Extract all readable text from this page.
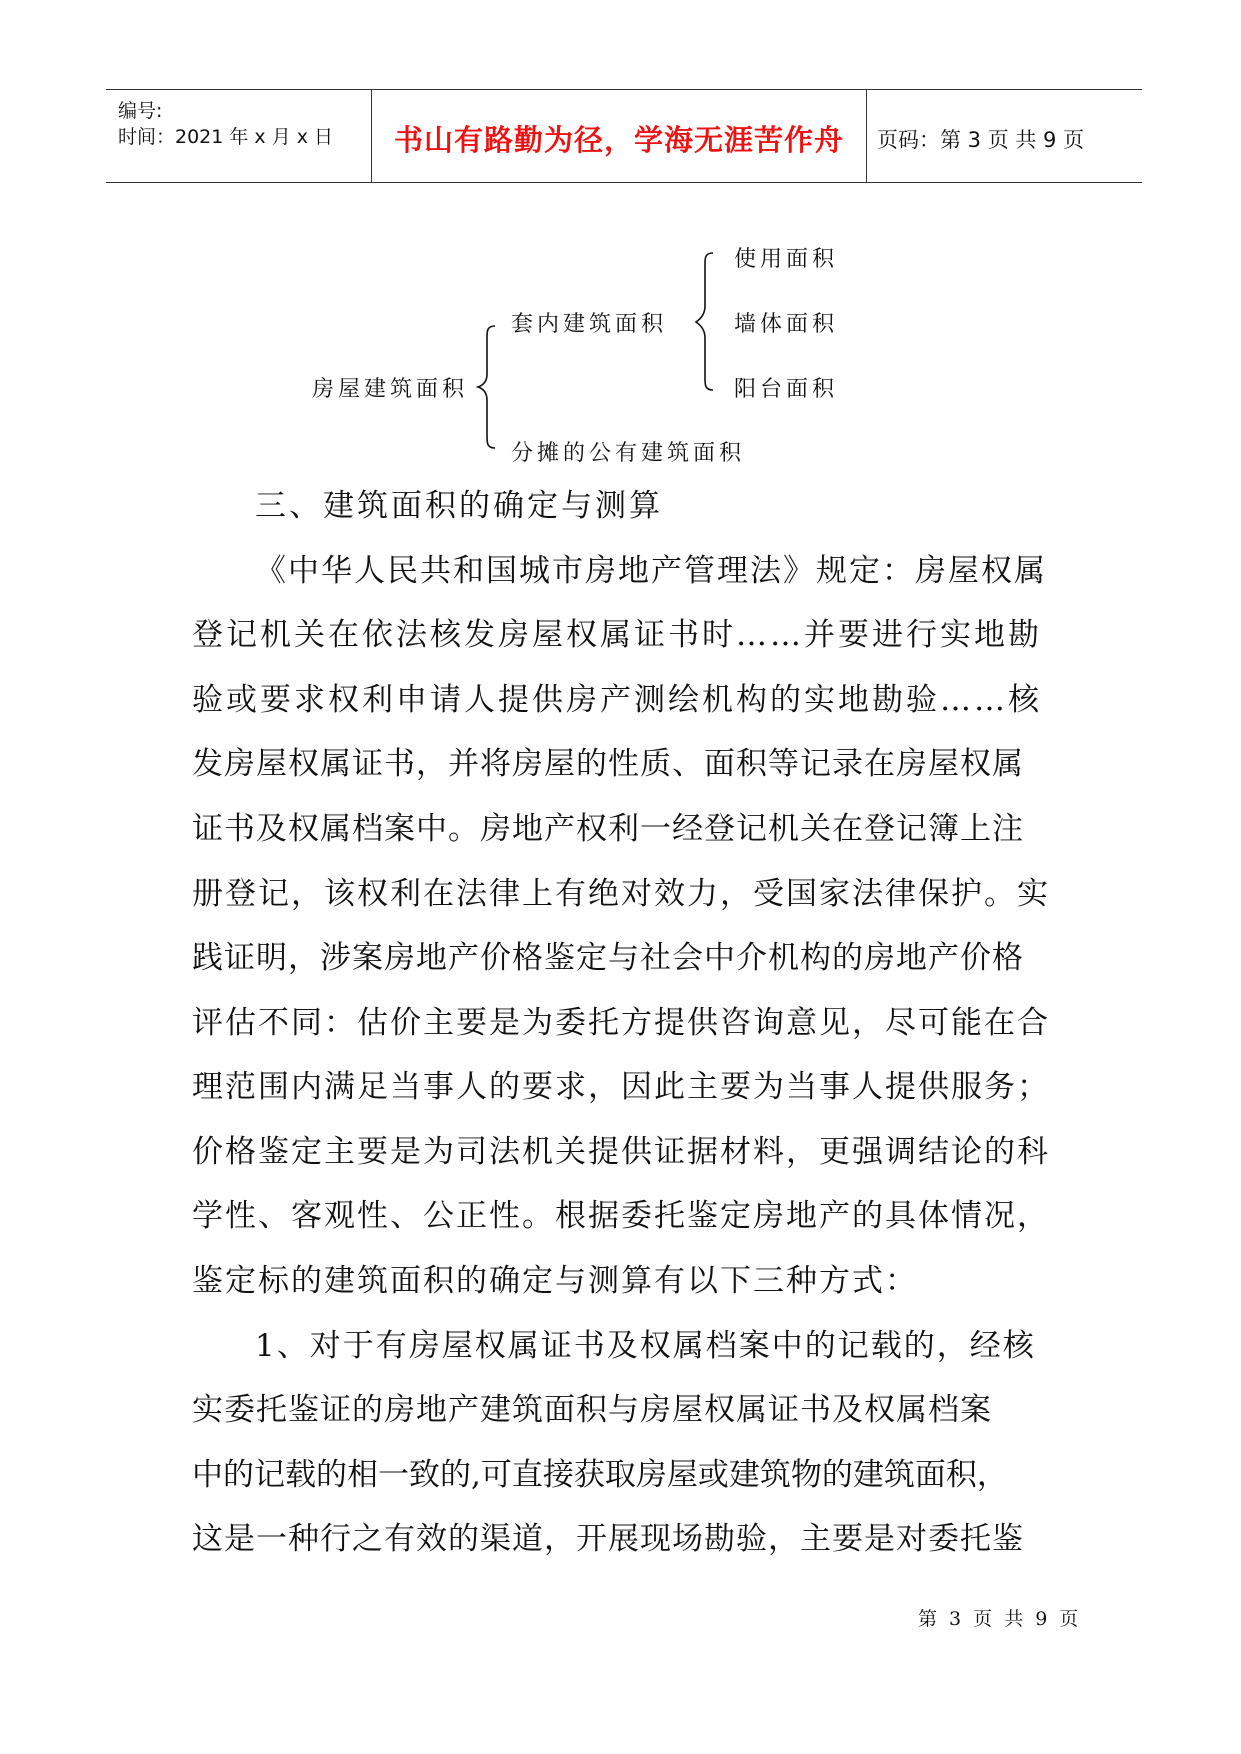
编号:
时间：2021 年 x 月 x 日	书山有路勤为径，学海无涯苦作舟	页码：第 3 页 共 9 页
房屋建筑面积
套内建筑面积
分摊的公有建筑面积
使用面积
墙体面积
阳台面积
三、建筑面积的确定与测算
《中华人民共和国城市房地产管理法》规定：房屋权属
登记机关在依法核发房屋权属证书时……并要进行实地勘
验或要求权利申请人提供房产测绘机构的实地勘验……核
发房屋权属证书，并将房屋的性质、面积等记录在房屋权属
证书及权属档案中。房地产权利一经登记机关在登记簿上注
册登记，该权利在法律上有绝对效力，受国家法律保护。实
践证明，涉案房地产价格鉴定与社会中介机构的房地产价格
评估不同：估价主要是为委托方提供咨询意见，尽可能在合
理范围内满足当事人的要求，因此主要为当事人提供服务；
价格鉴定主要是为司法机关提供证据材料，更强调结论的科
学性、客观性、公正性。根据委托鉴定房地产的具体情况，
鉴定标的建筑面积的确定与测算有以下三种方式：
1、对于有房屋权属证书及权属档案中的记载的，经核
实委托鉴证的房地产建筑面积与房屋权属证书及权属档案
中的记载的相一致的,可直接获取房屋或建筑物的建筑面积，
这是一种行之有效的渠道，开展现场勘验，主要是对委托鉴
第 3 页 共 9 页
